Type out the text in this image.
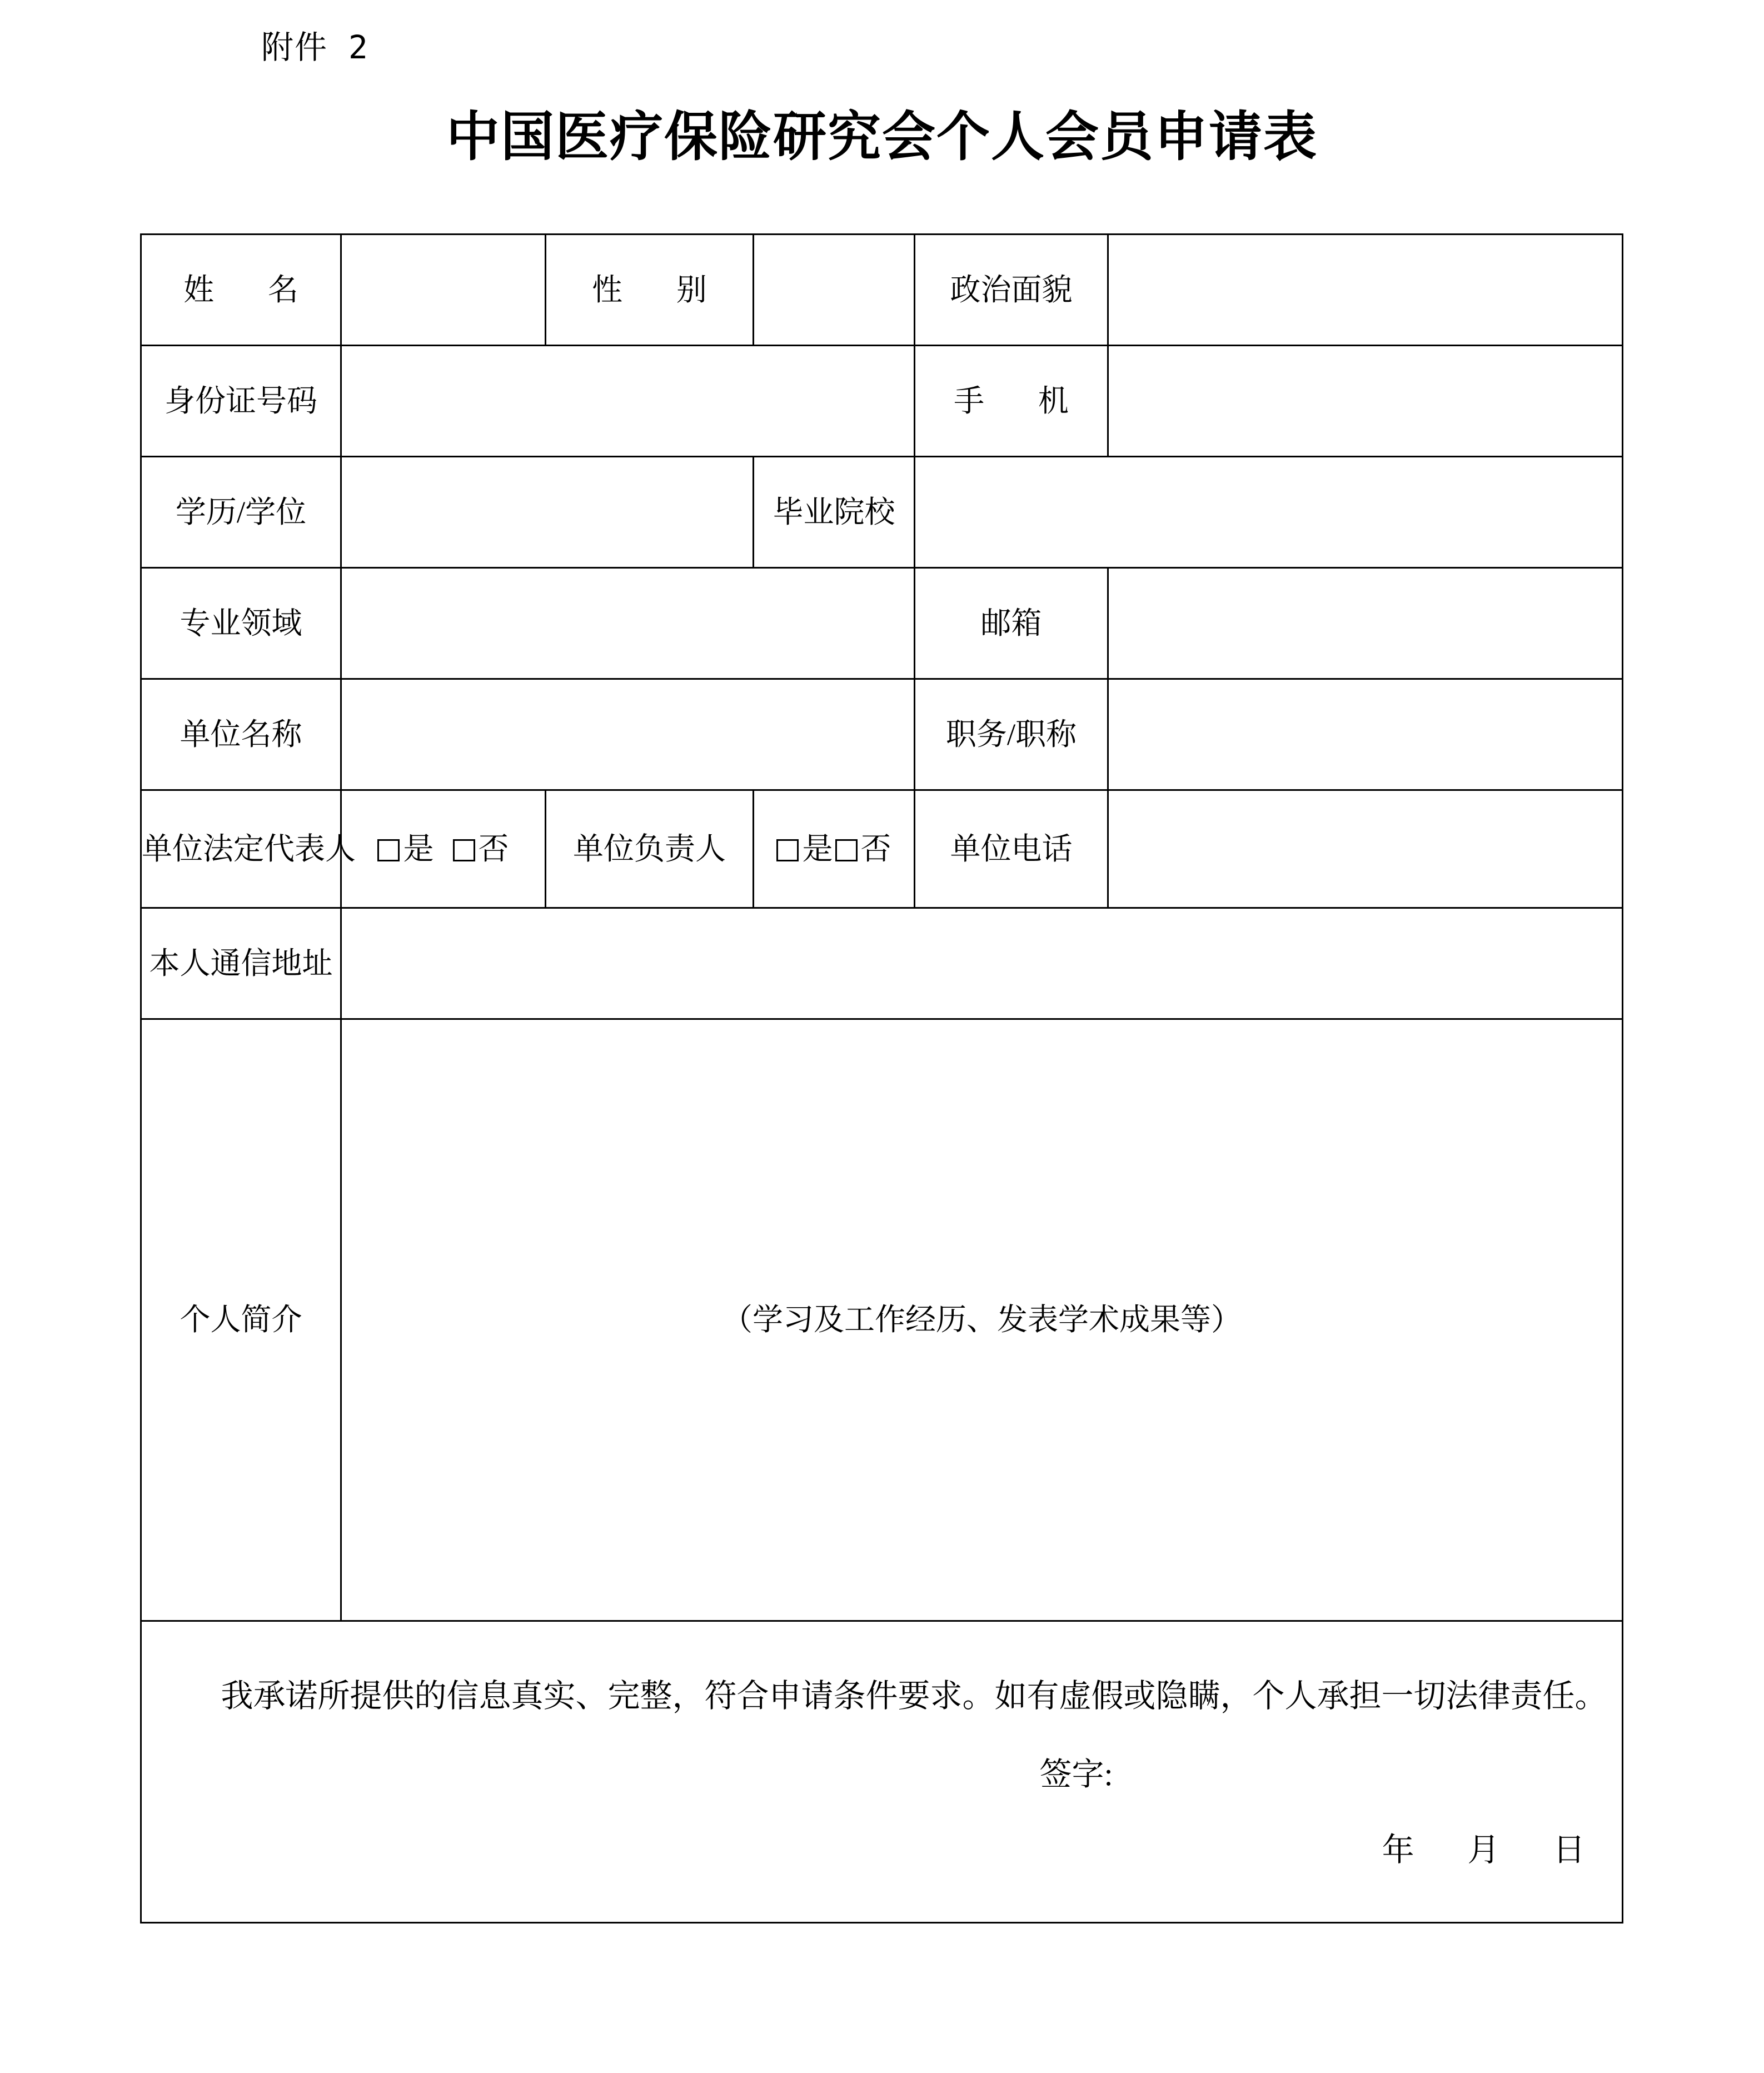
附件 2
中国医疗保险研究会个人会员申请表
姓　名		性　别		政治面貌	
身份证号码				手　机	
学历/学位			毕业院校		
专业领域				邮箱	
单位名称				职务/职称	
单位法定代表人	是 否	单位负责人	是 否	单位电话	
本人通信地址					
个人简介	（学习及工作经历、发表学术成果等）				

我承诺所提供的信息真实、完整，符合申请条件要求。如有虚假或隐瞒，个人承担一切法律责任。

签字:
年 月 日					
